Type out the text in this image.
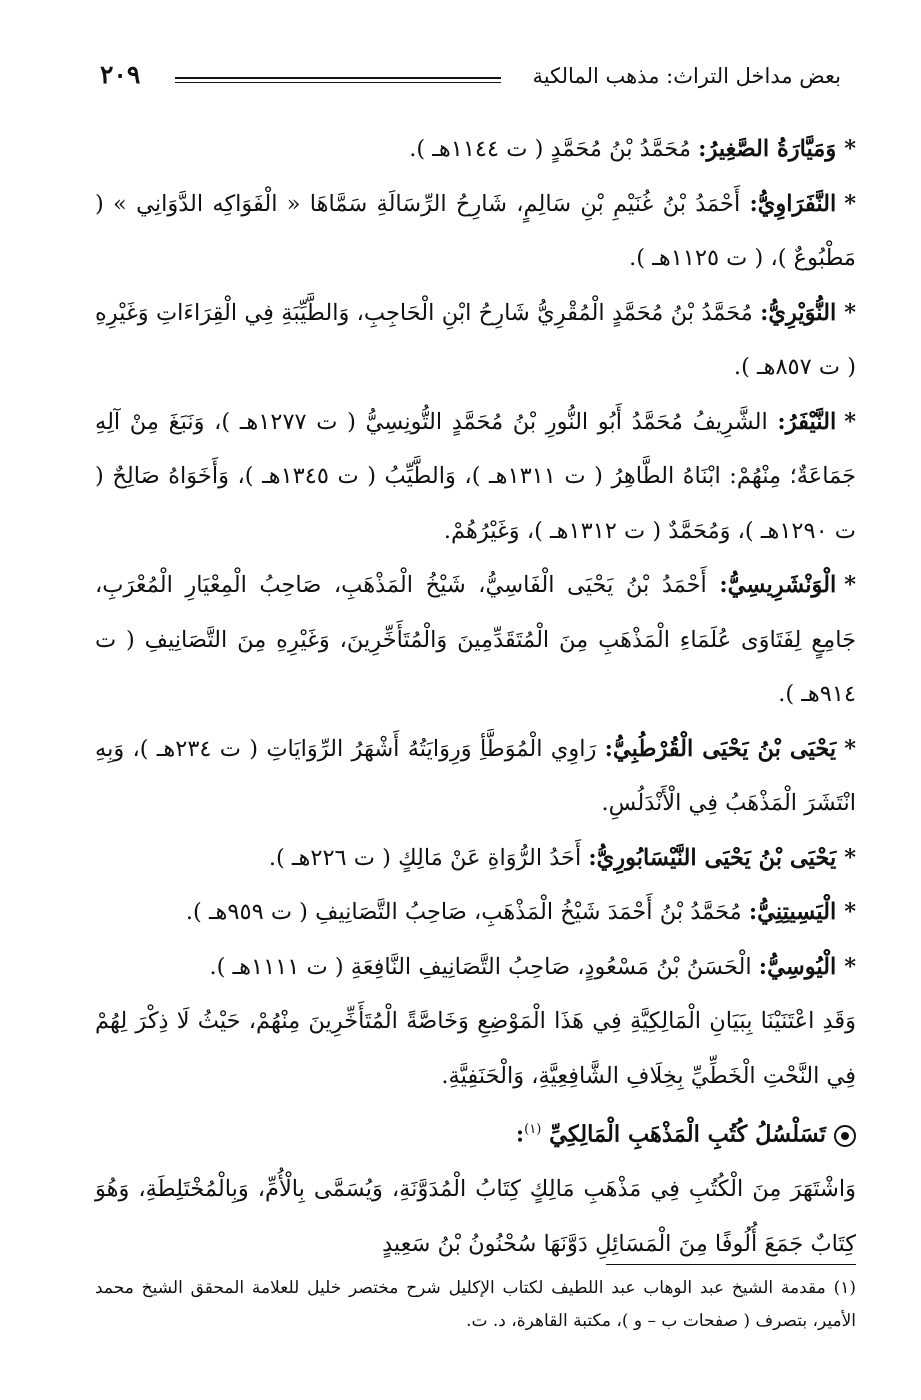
بعض مداخل التراث: مذهب المالكية
٢٠٩

*وَمَيَّارَةُ الصَّغِيرُ: مُحَمَّدُ بْنُ مُحَمَّدٍ ( ت ١١٤٤هـ ).

*النَّفَرَاوِيُّ: أَحْمَدُ بْنُ غُنَيْمِ بْنِ سَالِمٍ، شَارِحُ الرِّسَالَةِ سَمَّاهَا « الْفَوَاكِه الدَّوَانِي » ( مَطْبُوعٌ )، ( ت ١١٢٥هـ ).

*النُّوَيْرِيُّ: مُحَمَّدُ بْنُ مُحَمَّدٍ الْمُقْرِيُّ شَارِحُ ابْنِ الْحَاجِبِ، وَالطَّيِّبَةِ فِي الْقِرَاءَاتِ وَغَيْرِهِ ( ت ٨٥٧هـ ).

*النَّيْفَرُ: الشَّرِيفُ مُحَمَّدُ أَبُو النُّورِ بْنُ مُحَمَّدٍ التُّونِسِيُّ ( ت ١٢٧٧هـ )، وَنَبَغَ مِنْ آلِهِ جَمَاعَةٌ؛ مِنْهُمْ: ابْنَاهُ الطَّاهِرُ ( ت ١٣١١هـ )، وَالطَّيِّبُ ( ت ١٣٤٥هـ )، وَأَخَوَاهُ صَالِحٌ ( ت ١٢٩٠هـ )، وَمُحَمَّدٌ ( ت ١٣١٢هـ )، وَغَيْرُهُمْ.

*الْوَنْشَرِيسِيُّ: أَحْمَدُ بْنُ يَحْيَى الْفَاسِيُّ، شَيْخُ الْمَذْهَبِ، صَاحِبُ الْمِعْيَارِ الْمُعْرَبِ، جَامِعٍ لِفَتَاوَى عُلَمَاءِ الْمَذْهَبِ مِنَ الْمُتَقَدِّمِينَ وَالْمُتَأَخِّرِينَ، وَغَيْرِهِ مِنَ التَّصَانِيفِ ( ت ٩١٤هـ ).

*يَحْيَى بْنُ يَحْيَى الْقُرْطُبِيُّ: رَاوِي الْمُوَطَّأِ وَرِوَايَتُهُ أَشْهَرُ الرِّوَايَاتِ ( ت ٢٣٤هـ )، وَبِهِ انْتَشَرَ الْمَذْهَبُ فِي الْأَنْدَلُسِ.

*يَحْيَى بْنُ يَحْيَى النَّيْسَابُورِيُّ: أَحَدُ الرُّوَاةِ عَنْ مَالِكٍ ( ت ٢٢٦هـ ).

*الْيَسِيتِنِيُّ: مُحَمَّدُ بْنُ أَحْمَدَ شَيْخُ الْمَذْهَبِ، صَاحِبُ التَّصَانِيفِ ( ت ٩٥٩هـ ).

*الْيُوسِيُّ: الْحَسَنُ بْنُ مَسْعُودٍ، صَاحِبُ التَّصَانِيفِ النَّافِعَةِ ( ت ١١١١هـ ).

وَقَدِ اعْتَنَيْنَا بِبَيَانِ الْمَالِكِيَّةِ فِي هَذَا الْمَوْضِعِ وَخَاصَّةً الْمُتَأَخِّرِينَ مِنْهُمْ، حَيْثُ لَا ذِكْرَ لِهُمْ فِي النَّحْتِ الْخَطِّيِّ بِخِلَافِ الشَّافِعِيَّةِ، وَالْحَنَفِيَّةِ.

تَسَلْسُلُ كُتُبِ الْمَذْهَبِ الْمَالِكِيِّ $^{(١)}$:

وَاشْتَهَرَ مِنَ الْكُتُبِ فِي مَذْهَبِ مَالِكٍ كِتَابُ الْمُدَوَّنَةِ، وَيُسَمَّى بِالْأُمِّ، وَبِالْمُخْتَلِطَةِ، وَهُوَ كِتَابٌ جَمَعَ أُلُوفًا مِنَ الْمَسَائِلِ دَوَّنَهَا سُحْنُونُ بْنُ سَعِيدٍ

(١) مقدمة الشيخ عبد الوهاب عبد اللطيف لكتاب الإكليل شرح مختصر خليل للعلامة المحقق الشيخ محمد الأمير، بتصرف ( صفحات ب – و )، مكتبة القاهرة، د. ت.
